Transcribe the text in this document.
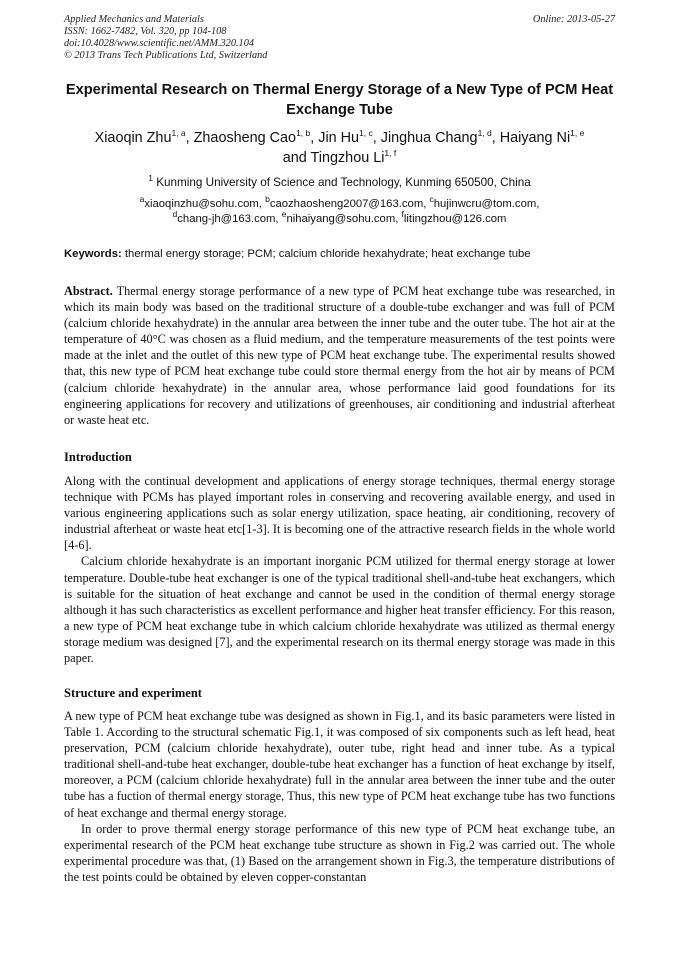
Applied Mechanics and Materials
ISSN: 1662-7482, Vol. 320, pp 104-108
doi:10.4028/www.scientific.net/AMM.320.104
© 2013 Trans Tech Publications Ltd, Switzerland
Online: 2013-05-27
Experimental Research on Thermal Energy Storage of a New Type of PCM Heat Exchange Tube
Xiaoqin Zhu$^{1, a}$, Zhaosheng Cao$^{1, b}$, Jin Hu$^{1, c}$, Jinghua Chang$^{1, d}$, Haiyang Ni$^{1, e}$
and Tingzhou Li$^{1, f}$
$^1$ Kunming University of Science and Technology, Kunming 650500, China
$^a$xiaoqinzhu@sohu.com, $^b$caozhaosheng2007@163.com, $^c$hujinwcru@tom.com,
$^d$chang-jh@163.com, $^e$nihaiyang@sohu.com, $^f$litingzhou@126.com
Keywords: thermal energy storage; PCM; calcium chloride hexahydrate; heat exchange tube

Abstract. Thermal energy storage performance of a new type of PCM heat exchange tube was researched, in which its main body was based on the traditional structure of a double-tube exchanger and was full of PCM (calcium chloride hexahydrate) in the annular area between the inner tube and the outer tube. The hot air at the temperature of 40°C was chosen as a fluid medium, and the temperature measurements of the test points were made at the inlet and the outlet of this new type of PCM heat exchange tube. The experimental results showed that, this new type of PCM heat exchange tube could store thermal energy from the hot air by means of PCM (calcium chloride hexahydrate) in the annular area, whose performance laid good foundations for its engineering applications for recovery and utilizations of greenhouses, air conditioning and industrial afterheat or waste heat etc.

Introduction

Along with the continual development and applications of energy storage techniques, thermal energy storage technique with PCMs has played important roles in conserving and recovering available energy, and used in various engineering applications such as solar energy utilization, space heating, air conditioning, recovery of industrial afterheat or waste heat etc[1-3]. It is becoming one of the attractive research fields in the whole world [4-6].

Calcium chloride hexahydrate is an important inorganic PCM utilized for thermal energy storage at lower temperature. Double-tube heat exchanger is one of the typical traditional shell-and-tube heat exchangers, which is suitable for the situation of heat exchange and cannot be used in the condition of thermal energy storage although it has such characteristics as excellent performance and higher heat transfer efficiency. For this reason, a new type of PCM heat exchange tube in which calcium chloride hexahydrate was utilized as thermal energy storage medium was designed [7], and the experimental research on its thermal energy storage was made in this paper.

Structure and experiment

A new type of PCM heat exchange tube was designed as shown in Fig.1, and its basic parameters were listed in Table 1. According to the structural schematic Fig.1, it was composed of six components such as left head, heat preservation, PCM (calcium chloride hexahydrate), outer tube, right head and inner tube. As a typical traditional shell-and-tube heat exchanger, double-tube heat exchanger has a function of heat exchange by itself, moreover, a PCM (calcium chloride hexahydrate) full in the annular area between the inner tube and the outer tube has a fuction of thermal energy storage, Thus, this new type of PCM heat exchange tube has two functions of heat exchange and thermal energy storage.

In order to prove thermal energy storage performance of this new type of PCM heat exchange tube, an experimental research of the PCM heat exchange tube structure as shown in Fig.2 was carried out. The whole experimental procedure was that, (1) Based on the arrangement shown in Fig.3, the temperature distributions of the test points could be obtained by eleven copper-constantan
